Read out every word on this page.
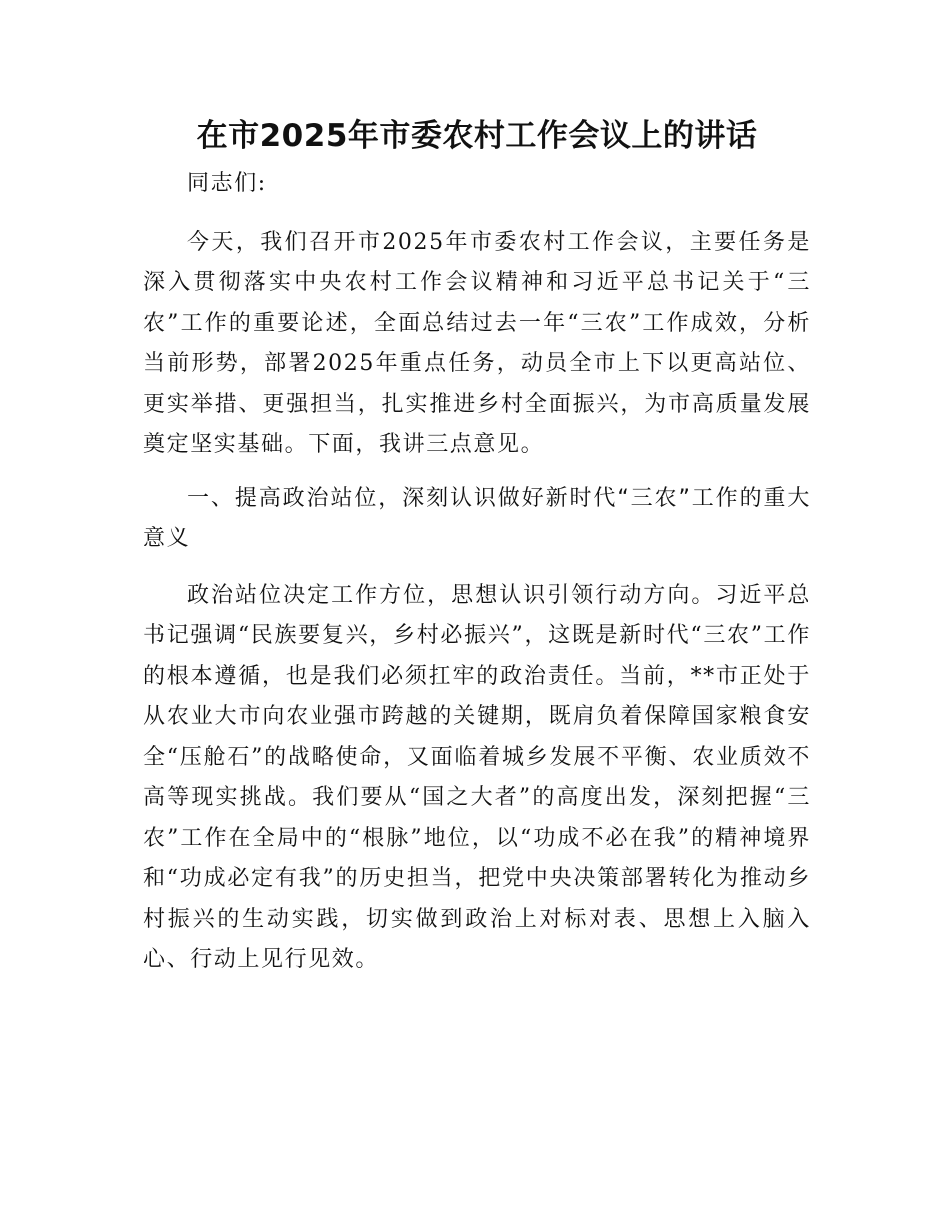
在市2025年市委农村工作会议上的讲话

同志们:

今天，我们召开市2025年市委农村工作会议，主要任务是深入贯彻落实中央农村工作会议精神和习近平总书记关于“三农”工作的重要论述，全面总结过去一年“三农”工作成效，分析当前形势，部署2025年重点任务，动员全市上下以更高站位、更实举措、更强担当，扎实推进乡村全面振兴，为市高质量发展奠定坚实基础。下面，我讲三点意见。

一、提高政治站位，深刻认识做好新时代“三农”工作的重大意义

政治站位决定工作方位，思想认识引领行动方向。习近平总书记强调“民族要复兴，乡村必振兴”，这既是新时代“三农”工作的根本遵循，也是我们必须扛牢的政治责任。当前，**市正处于从农业大市向农业强市跨越的关键期，既肩负着保障国家粮食安全“压舱石”的战略使命，又面临着城乡发展不平衡、农业质效不高等现实挑战。我们要从“国之大者”的高度出发，深刻把握“三农”工作在全局中的“根脉”地位，以“功成不必在我”的精神境界和“功成必定有我”的历史担当，把党中央决策部署转化为推动乡村振兴的生动实践，切实做到政治上对标对表、思想上入脑入心、行动上见行见效。
